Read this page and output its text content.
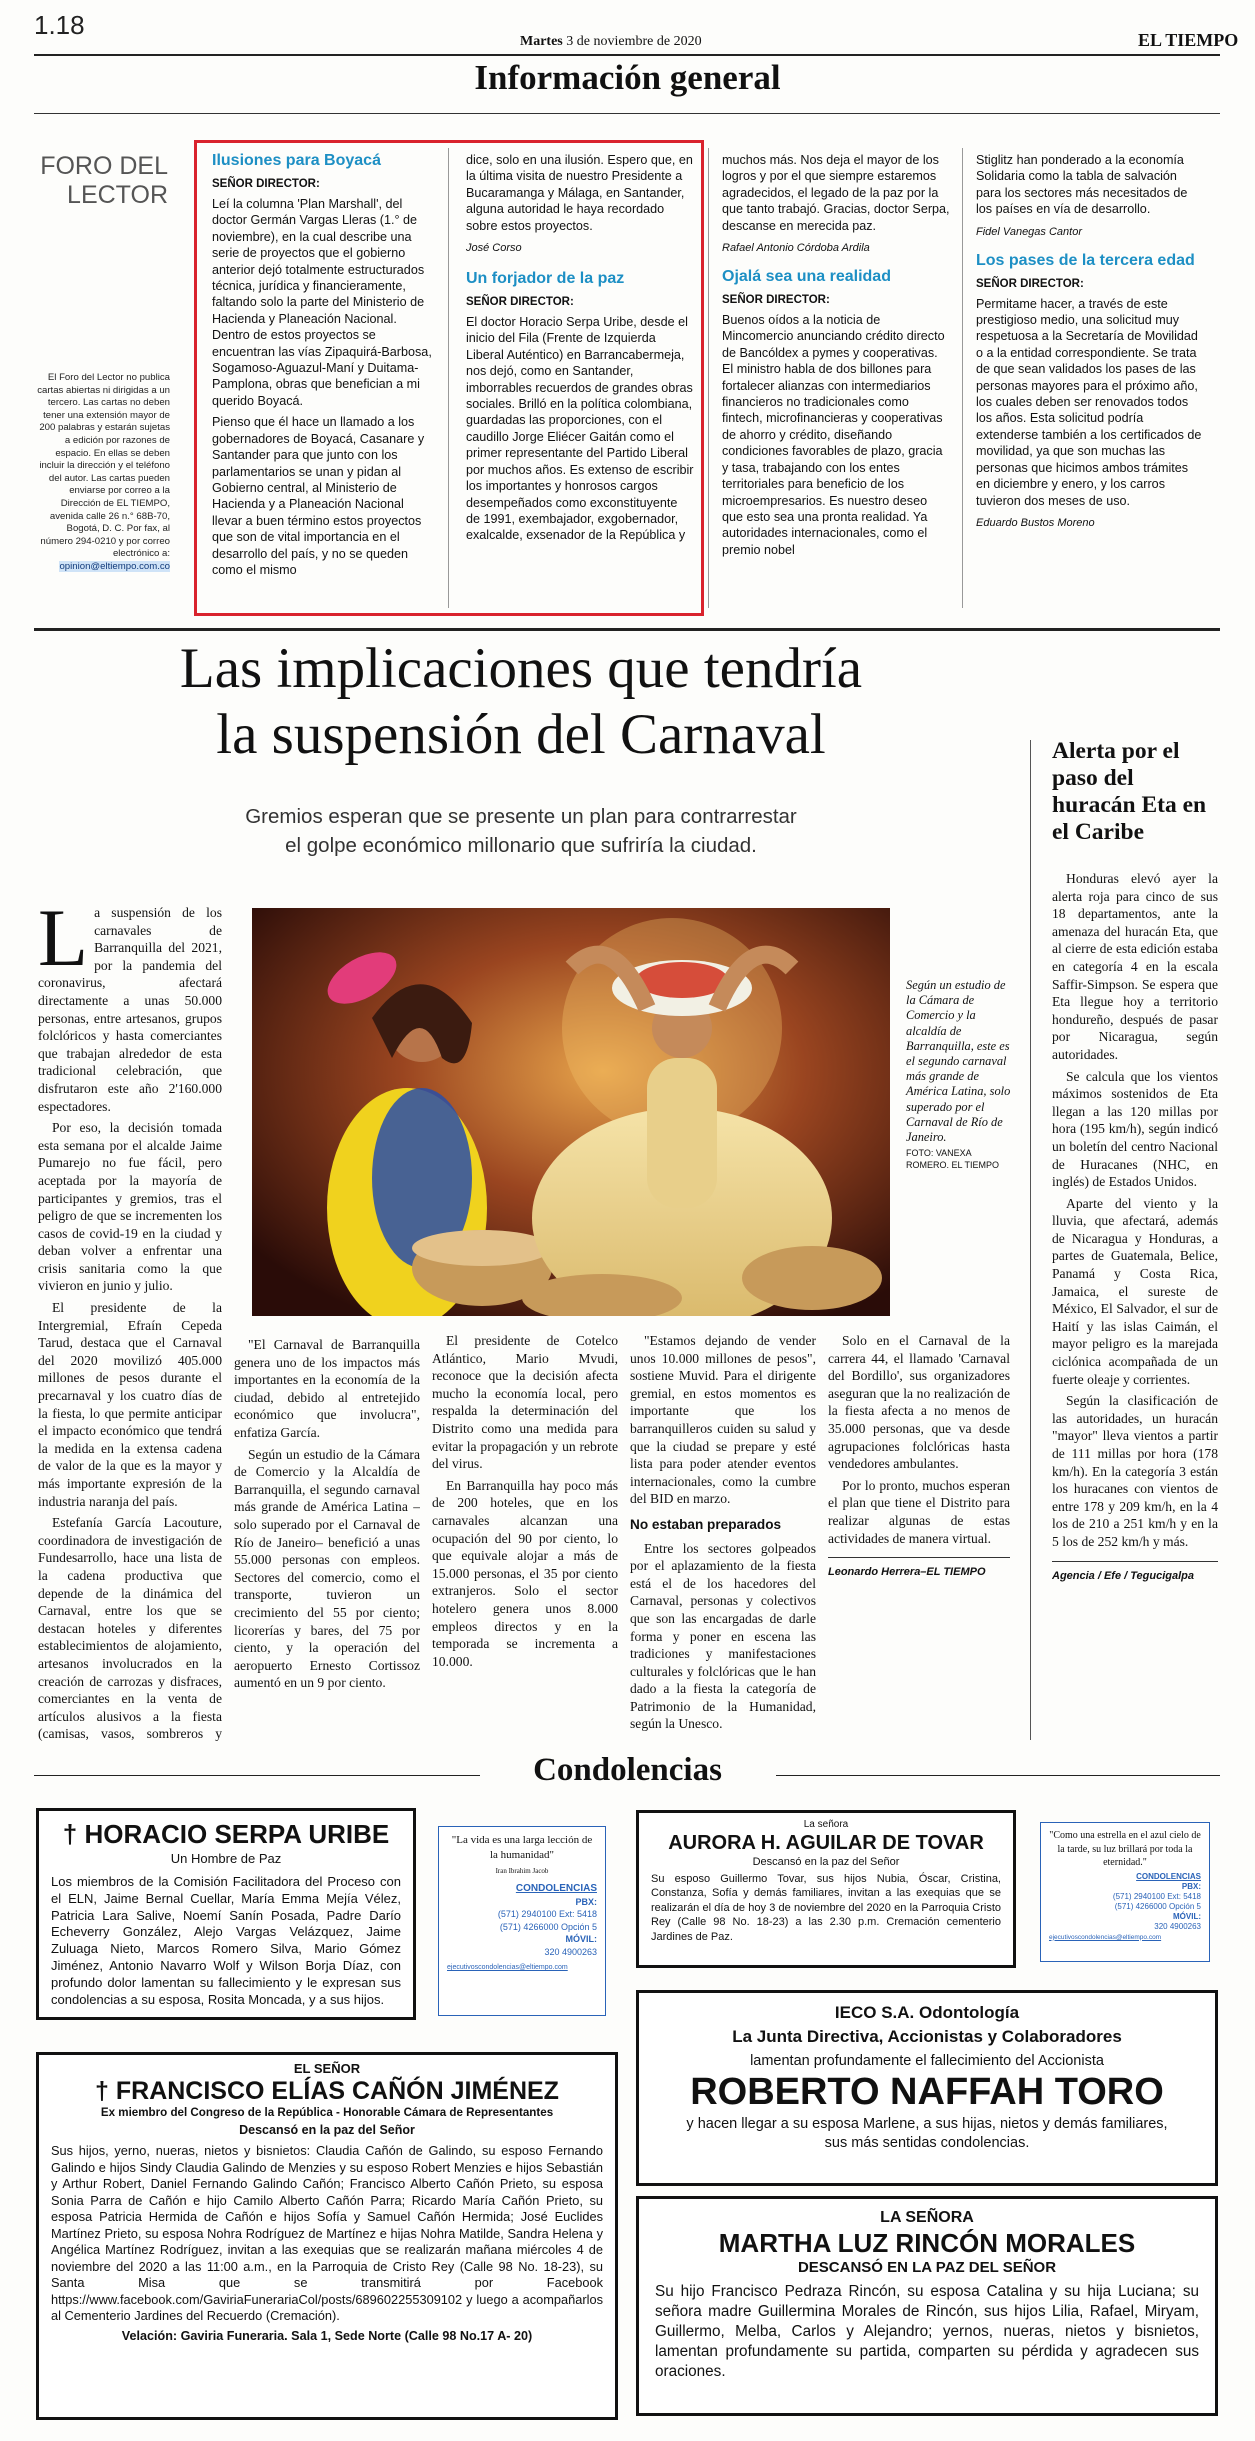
1.18
Martes 3 de noviembre de 2020	EL TIEMPO
Información general
FORO DEL
LECTOR
El Foro del Lector no publica cartas abiertas ni dirigidas a un tercero. Las cartas no deben tener una extensión mayor de 200 palabras y estarán sujetas a edición por razones de espacio. En ellas se deben incluir la dirección y el teléfono del autor. Las cartas pueden enviarse por correo a la Dirección de EL TIEMPO, avenida calle 26 n.° 68B-70, Bogotá, D. C. Por fax, al número 294-0210 y por correo electrónico a: opinion@eltiempo.com.co
Ilusiones para Boyacá
SEÑOR DIRECTOR:

Leí la columna 'Plan Marshall', del doctor Germán Vargas Lleras (1.° de noviembre), en la cual describe una serie de proyectos que el gobierno anterior dejó totalmente estructurados técnica, jurídica y financieramente, faltando solo la parte del Ministerio de Hacienda y Planeación Nacional. Dentro de estos proyectos se encuentran las vías Zipaquirá-Barbosa, Sogamoso-Aguazul-Maní y Duitama-Pamplona, obras que benefician a mi querido Boyacá.

Pienso que él hace un llamado a los gobernadores de Boyacá, Casanare y Santander para que junto con los parlamentarios se unan y pidan al Gobierno central, al Ministerio de Hacienda y a Planeación Nacional llevar a buen término estos proyectos que son de vital importancia en el desarrollo del país, y no se queden como el mismo

dice, solo en una ilusión. Espero que, en la última visita de nuestro Presidente a Bucaramanga y Málaga, en Santander, alguna autoridad le haya recordado sobre estos proyectos.

José Corso
Un forjador de la paz
SEÑOR DIRECTOR:

El doctor Horacio Serpa Uribe, desde el inicio del Fila (Frente de Izquierda Liberal Auténtico) en Barrancabermeja, nos dejó, como en Santander, imborrables recuerdos de grandes obras sociales. Brilló en la política colombiana, guardadas las proporciones, con el caudillo Jorge Eliécer Gaitán como el primer representante del Partido Liberal por muchos años. Es extenso de escribir los importantes y honrosos cargos desempeñados como exconstituyente de 1991, exembajador, exgobernador, exalcalde, exsenador de la República y

muchos más. Nos deja el mayor de los logros y por el que siempre estaremos agradecidos, el legado de la paz por la que tanto trabajó. Gracias, doctor Serpa, descanse en merecida paz.

Rafael Antonio Córdoba Ardila
Ojalá sea una realidad
SEÑOR DIRECTOR:

Buenos oídos a la noticia de Mincomercio anunciando crédito directo de Bancóldex a pymes y cooperativas. El ministro habla de dos billones para fortalecer alianzas con intermediarios financieros no tradicionales como fintech, microfinancieras y cooperativas de ahorro y crédito, diseñando condiciones favorables de plazo, gracia y tasa, trabajando con los entes territoriales para beneficio de los microempresarios. Es nuestro deseo que esto sea una pronta realidad. Ya autoridades internacionales, como el premio nobel

Stiglitz han ponderado a la economía Solidaria como la tabla de salvación para los sectores más necesitados de los países en vía de desarrollo.

Fidel Vanegas Cantor
Los pases de la tercera edad
SEÑOR DIRECTOR:

Permitame hacer, a través de este prestigioso medio, una solicitud muy respetuosa a la Secretaría de Movilidad o a la entidad correspondiente. Se trata de que sean validados los pases de las personas mayores para el próximo año, los cuales deben ser renovados todos los años. Esta solicitud podría extenderse también a los certificados de movilidad, ya que son muchas las personas que hicimos ambos trámites en diciembre y enero, y los carros tuvieron dos meses de uso.

Eduardo Bustos Moreno
Las implicaciones que tendría
la suspensión del Carnaval
Gremios esperan que se presente un plan para contrarrestar
el golpe económico millonario que sufriría la ciudad.

La suspensión de los carnavales de Barranquilla del 2021, por la pandemia del coronavirus, afectará directamente a unas 50.000 personas, entre artesanos, grupos folclóricos y hasta comerciantes que trabajan alrededor de esta tradicional celebración, que disfrutaron este año 2'160.000 espectadores.

Por eso, la decisión tomada esta semana por el alcalde Jaime Pumarejo no fue fácil, pero aceptada por la mayoría de participantes y gremios, tras el peligro de que se incrementen los casos de covid-19 en la ciudad y deban volver a enfrentar una crisis sanitaria como la que vivieron en junio y julio.

El presidente de la Intergremial, Efraín Cepeda Tarud, destaca que el Carnaval del 2020 movilizó 405.000 millones de pesos durante el precarnaval y los cuatro días de la fiesta, lo que permite anticipar el impacto económico que tendrá la medida en la extensa cadena de valor de la que es la mayor y más importante expresión de la industria naranja del país.

Estefanía García Lacouture, coordinadora de investigación de Fundesarrollo, hace una lista de la cadena productiva que depende de la dinámica del Carnaval, entre los que se destacan hoteles y diferentes establecimientos de alojamiento, artesanos involucrados en la creación de carrozas y disfraces, comerciantes en la venta de artículos alusivos a la fiesta (camisas, vasos, sombreros y

Según un estudio de la Cámara de Comercio y la alcaldía de Barranquilla, este es el segundo carnaval más grande de América Latina, solo superado por el Carnaval de Río de Janeiro.
FOTO: VANEXA ROMERO. EL TIEMPO

"El Carnaval de Barranquilla genera uno de los impactos más importantes en la economía de la ciudad, debido al entretejido económico que involucra", enfatiza García.

Según un estudio de la Cámara de Comercio y la Alcaldía de Barranquilla, el segundo carnaval más grande de América Latina –solo superado por el Carnaval de Río de Janeiro– benefició a unas 55.000 personas con empleos. Sectores del comercio, como el transporte, tuvieron un crecimiento del 55 por ciento; licorerías y bares, del 75 por ciento, y la operación del aeropuerto Ernesto Cortissoz aumentó en un 9 por ciento.

El presidente de Cotelco Atlántico, Mario Mvudi, reconoce que la decisión afecta mucho la economía local, pero respalda la determinación del Distrito como una medida para evitar la propagación y un rebrote del virus.

En Barranquilla hay poco más de 200 hoteles, que en los carnavales alcanzan una ocupación del 90 por ciento, lo que equivale alojar a más de 15.000 personas, el 35 por ciento extranjeros. Solo el sector hotelero genera unos 8.000 empleos directos y en la temporada se incrementa a 10.000.

"Estamos dejando de vender unos 10.000 millones de pesos", sostiene Muvid. Para el dirigente gremial, en estos momentos es importante que los barranquilleros cuiden su salud y que la ciudad se prepare y esté lista para poder atender eventos internacionales, como la cumbre del BID en marzo.

No estaban preparados

Entre los sectores golpeados por el aplazamiento de la fiesta está el de los hacedores del Carnaval, personas y colectivos que son las encargadas de darle forma y poner en escena las tradiciones y manifestaciones culturales y folclóricas que le han dado a la fiesta la categoría de Patrimonio de la Humanidad, según la Unesco.

Solo en el Carnaval de la carrera 44, el llamado 'Carnaval del Bordillo', sus organizadores aseguran que la no realización de la fiesta afecta a no menos de 35.000 personas, que va desde agrupaciones folclóricas hasta vendedores ambulantes.

Por lo pronto, muchos esperan el plan que tiene el Distrito para realizar algunas de estas actividades de manera virtual.

Leonardo Herrera–EL TIEMPO

Alerta por el paso del huracán Eta en el Caribe

Honduras elevó ayer la alerta roja para cinco de sus 18 departamentos, ante la amenaza del huracán Eta, que al cierre de esta edición estaba en categoría 4 en la escala Saffir-Simpson. Se espera que Eta llegue hoy a territorio hondureño, después de pasar por Nicaragua, según autoridades.

Se calcula que los vientos máximos sostenidos de Eta llegan a las 120 millas por hora (195 km/h), según indicó un boletín del centro Nacional de Huracanes (NHC, en inglés) de Estados Unidos.

Aparte del viento y la lluvia, que afectará, además de Nicaragua y Honduras, a partes de Guatemala, Belice, Panamá y Costa Rica, Jamaica, el sureste de México, El Salvador, el sur de Haití y las islas Caimán, el mayor peligro es la marejada ciclónica acompañada de un fuerte oleaje y corrientes.

Según la clasificación de las autoridades, un huracán "mayor" lleva vientos a partir de 111 millas por hora (178 km/h). En la categoría 3 están los huracanes con vientos de entre 178 y 209 km/h, en la 4 los de 210 a 251 km/h y en la 5 los de 252 km/h y más.

Agencia / Efe / Tegucigalpa

Condolencias
† HORACIO SERPA URIBE
Un Hombre de Paz
Los miembros de la Comisión Facilitadora del Proceso con el ELN, Jaime Bernal Cuellar, María Emma Mejía Vélez, Patricia Lara Salive, Noemí Sanín Posada, Padre Darío Echeverry González, Alejo Vargas Velázquez, Jaime Zuluaga Nieto, Marcos Romero Silva, Mario Gómez Jiménez, Antonio Navarro Wolf y Wilson Borja Díaz, con profundo dolor lamentan su fallecimiento y le expresan sus condolencias a su esposa, Rosita Moncada, y a sus hijos.
"La vida es una larga lección de la humanidad"
Iran Ibrahim Jacob
CONDOLENCIAS
PBX:
(571) 2940100 Ext: 5418
(571) 4266000 Opción 5
MÓVIL:
320 4900263
ejecutivoscondolencias@eltiempo.com
La señora
AURORA H. AGUILAR DE TOVAR
Descansó en la paz del Señor
Su esposo Guillermo Tovar, sus hijos Nubia, Óscar, Cristina, Constanza, Sofía y demás familiares, invitan a las exequias que se realizarán el día de hoy 3 de noviembre del 2020 en la Parroquia Cristo Rey (Calle 98 No. 18-23) a las 2.30 p.m. Cremación cementerio Jardines de Paz.
"Como una estrella en el azul cielo de la tarde, su luz brillará por toda la eternidad."
CONDOLENCIAS
PBX:
(571) 2940100 Ext: 5418
(571) 4266000 Opción 5
MÓVIL:
320 4900263
ejecutivoscondolencias@eltiempo.com
EL SEÑOR
† FRANCISCO ELÍAS CAÑÓN JIMÉNEZ
Ex miembro del Congreso de la República - Honorable Cámara de Representantes
Descansó en la paz del Señor
Sus hijos, yerno, nueras, nietos y bisnietos: Claudia Cañón de Galindo, su esposo Fernando Galindo e hijos Sindy Claudia Galindo de Menzies y su esposo Robert Menzies e hijos Sebastián y Arthur Robert, Daniel Fernando Galindo Cañón; Francisco Alberto Cañón Prieto, su esposa Sonia Parra de Cañón e hijo Camilo Alberto Cañón Parra; Ricardo María Cañón Prieto, su esposa Patricia Hermida de Cañón e hijos Sofía y Samuel Cañón Hermida; José Euclides Martínez Prieto, su esposa Nohra Rodríguez de Martínez e hijas Nohra Matilde, Sandra Helena y Angélica Martínez Rodríguez, invitan a las exequias que se realizarán mañana miércoles 4 de noviembre del 2020 a las 11:00 a.m., en la Parroquia de Cristo Rey (Calle 98 No. 18-23), su Santa Misa que se transmitirá por Facebook https://www.facebook.com/GaviriaFunerariaCol/posts/689602255309102 y luego a acompañarlos al Cementerio Jardines del Recuerdo (Cremación).
Velación: Gaviria Funeraria. Sala 1, Sede Norte (Calle 98 No.17 A- 20)
IECO S.A. Odontología
La Junta Directiva, Accionistas y Colaboradores
lamentan profundamente el fallecimiento del Accionista
ROBERTO NAFFAH TORO
y hacen llegar a su esposa Marlene, a sus hijas, nietos y demás familiares, sus más sentidas condolencias.
LA SEÑORA
MARTHA LUZ RINCÓN MORALES
DESCANSÓ EN LA PAZ DEL SEÑOR
Su hijo Francisco Pedraza Rincón, su esposa Catalina y su hija Luciana; su señora madre Guillermina Morales de Rincón, sus hijos Lilia, Rafael, Miryam, Guillermo, Melba, Carlos y Alejandro; yernos, nueras, nietos y bisnietos, lamentan profundamente su partida, comparten su pérdida y agradecen sus oraciones.
